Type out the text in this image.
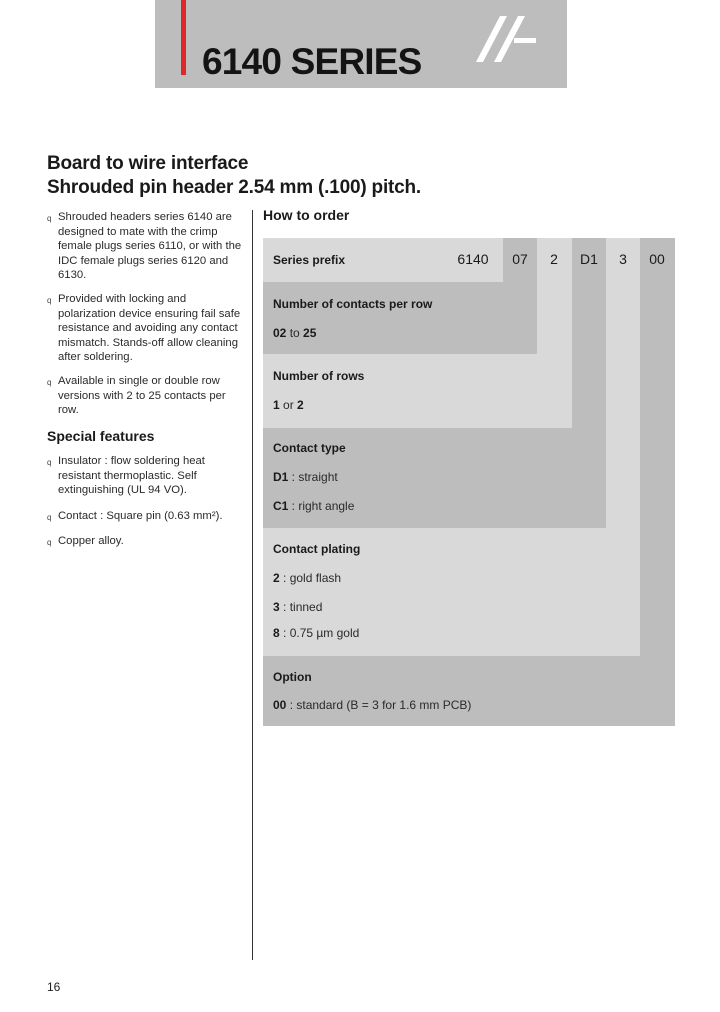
6140 SERIES
Board to wire interface
Shrouded pin header 2.54 mm (.100) pitch.
q Shrouded headers series 6140 are designed to mate with the crimp female plugs series 6110, or with the IDC female plugs series 6120 and 6130.
q Provided with locking and polarization device ensuring fail safe resistance and avoiding any contact mismatch. Stands-off allow cleaning after soldering.
q Available in single or double row versions with 2 to 25 contacts per row.
Special features
q Insulator : flow soldering heat resistant thermoplastic. Self extinguishing (UL 94 VO).
q Contact : Square pin (0.63 mm²).
q Copper alloy.
How to order
Series prefix	6140	07	2	D1	3	00
Number of contacts per row
02 to 25
Number of rows
1 or 2
Contact type
D1 : straight
C1 : right angle
Contact plating
2 : gold flash
3 : tinned
8 : 0.75 µm gold
Option
00 : standard (B = 3 for 1.6 mm PCB)
16
